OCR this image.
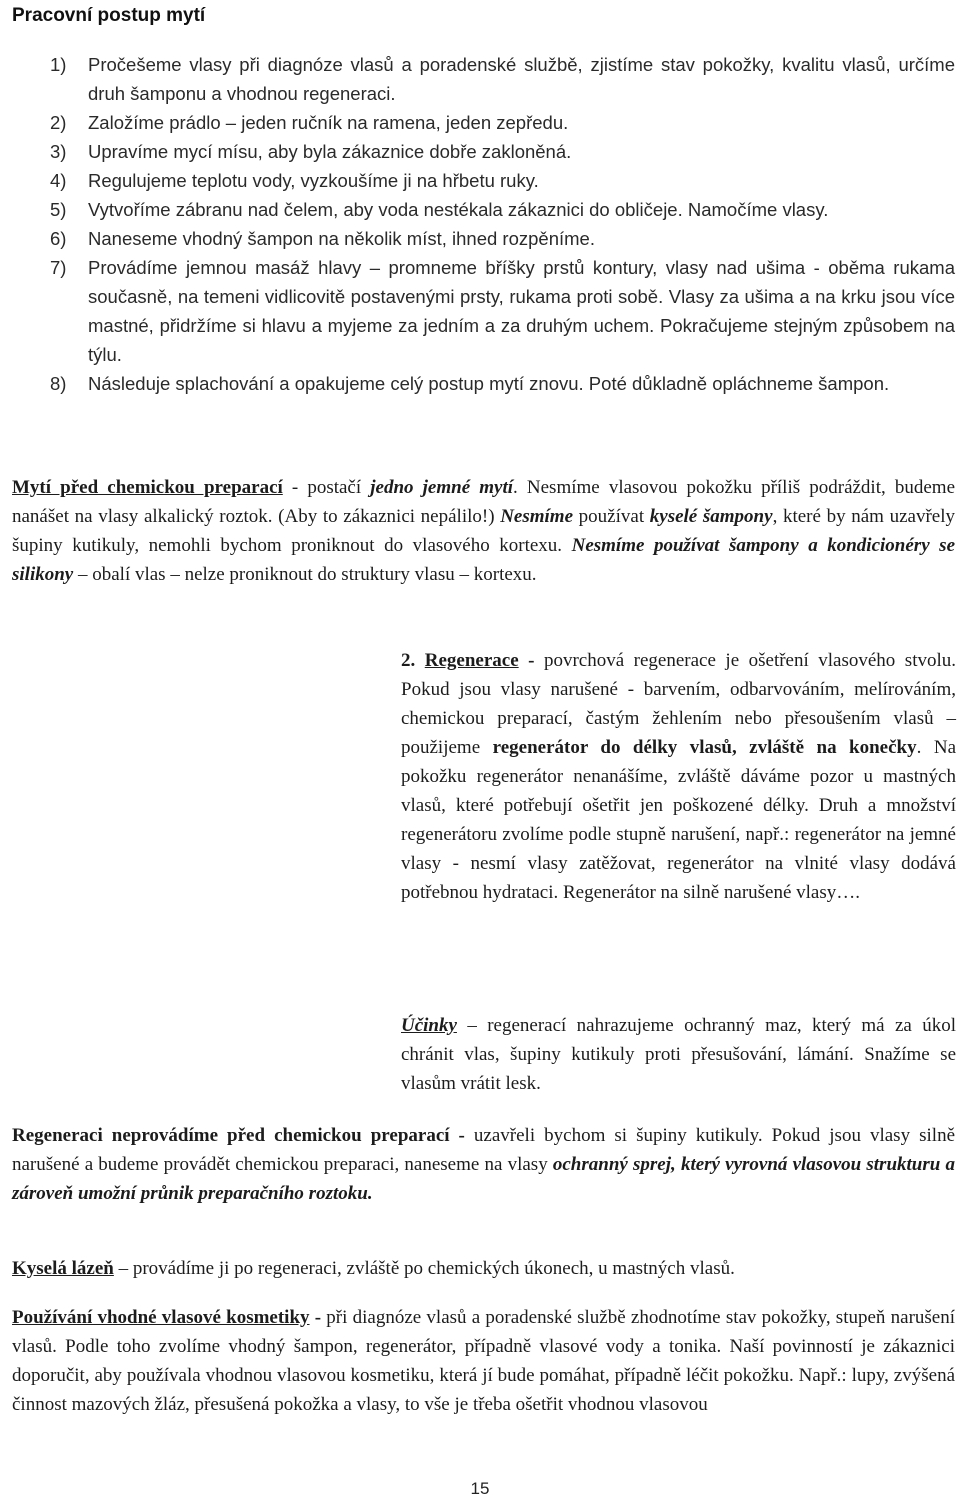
Pracovní postup mytí
1) Pročešeme vlasy při diagnóze vlasů a poradenské službě, zjistíme stav pokožky, kvalitu vlasů, určíme druh šamponu a vhodnou regeneraci.
2) Založíme prádlo – jeden ručník na ramena, jeden zepředu.
3) Upravíme mycí mísu, aby byla zákaznice dobře zakloněná.
4) Regulujeme teplotu vody, vyzkoušíme ji na hřbetu ruky.
5) Vytvoříme zábranu nad čelem, aby voda nestékala zákaznici do obličeje. Namočíme vlasy.
6) Naneseme vhodný šampon na několik míst, ihned rozpěníme.
7) Provádíme jemnou masáž hlavy – promneme bříšky prstů kontury, vlasy nad ušima - oběma rukama současně, na temeni vidlicovitě postavenými prsty, rukama proti sobě. Vlasy za ušima a na krku jsou více mastné, přidržíme si hlavu a myjeme za jedním a za druhým uchem. Pokračujeme stejným způsobem na týlu.
8) Následuje splachování a opakujeme celý postup mytí znovu. Poté důkladně opláchneme šampon.

Mytí před chemickou preparací - postačí jedno jemné mytí. Nesmíme vlasovou pokožku příliš podráždit, budeme nanášet na vlasy alkalický roztok. (Aby to zákaznici nepálilo!) Nesmíme používat kyselé šampony, které by nám uzavřely šupiny kutikuly, nemohli bychom proniknout do vlasového kortexu. Nesmíme používat šampony a kondicionéry se silikony – obalí vlas – nelze proniknout do struktury vlasu – kortexu.

2. Regenerace - povrchová regenerace je ošetření vlasového stvolu. Pokud jsou vlasy narušené - barvením, odbarvováním, melírováním, chemickou preparací, častým žehlením nebo přesoušením vlasů – použijeme regenerátor do délky vlasů, zvláště na konečky. Na pokožku regenerátor nenanášíme, zvláště dáváme pozor u mastných vlasů, které potřebují ošetřit jen poškozené délky. Druh a množství regenerátoru zvolíme podle stupně narušení, např.: regenerátor na jemné vlasy - nesmí vlasy zatěžovat, regenerátor na vlnité vlasy dodává potřebnou hydrataci. Regenerátor na silně narušené vlasy….

Účinky – regenerací nahrazujeme ochranný maz, který má za úkol chránit vlas, šupiny kutikuly proti přesušování, lámání. Snažíme se vlasům vrátit lesk.

Regeneraci neprovádíme před chemickou preparací - uzavřeli bychom si šupiny kutikuly. Pokud jsou vlasy silně narušené a budeme provádět chemickou preparaci, naneseme na vlasy ochranný sprej, který vyrovná vlasovou strukturu a zároveň umožní průnik preparačního roztoku.

Kyselá lázeň – provádíme ji po regeneraci, zvláště po chemických úkonech, u mastných vlasů.

Používání vhodné vlasové kosmetiky - při diagnóze vlasů a poradenské službě zhodnotíme stav pokožky, stupeň narušení vlasů. Podle toho zvolíme vhodný šampon, regenerátor, případně vlasové vody a tonika. Naší povinností je zákaznici doporučit, aby používala vhodnou vlasovou kosmetiku, která jí bude pomáhat, případně léčit pokožku. Např.: lupy, zvýšená činnost mazových žláz, přesušená pokožka a vlasy, to vše je třeba ošetřit vhodnou vlasovou

15
